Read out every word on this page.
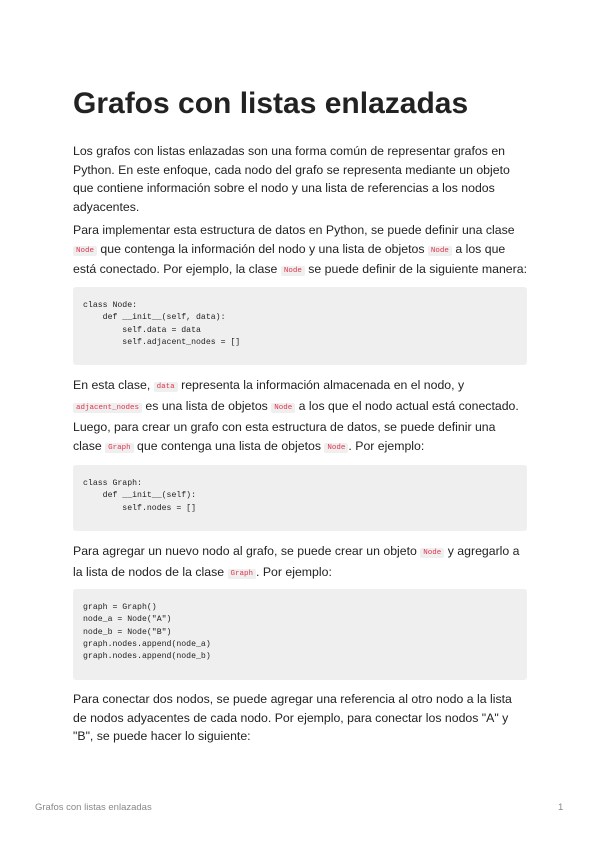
Grafos con listas enlazadas

Los grafos con listas enlazadas son una forma común de representar grafos en Python. En este enfoque, cada nodo del grafo se representa mediante un objeto que contiene información sobre el nodo y una lista de referencias a los nodos adyacentes.

Para implementar esta estructura de datos en Python, se puede definir una clase Node que contenga la información del nodo y una lista de objetos Node a los que está conectado. Por ejemplo, la clase Node se puede definir de la siguiente manera:

class Node:
def __init__(self, data):
self.data = data
self.adjacent_nodes = []

En esta clase, data representa la información almacenada en el nodo, y adjacent_nodes es una lista de objetos Node a los que el nodo actual está conectado.

Luego, para crear un grafo con esta estructura de datos, se puede definir una clase Graph que contenga una lista de objetos Node . Por ejemplo:

class Graph:
def __init__(self):
self.nodes = []

Para agregar un nuevo nodo al grafo, se puede crear un objeto Node y agregarlo a la lista de nodos de la clase Graph . Por ejemplo:

graph = Graph()
node_a = Node("A")
node_b = Node("B")
graph.nodes.append(node_a)
graph.nodes.append(node_b)

Para conectar dos nodos, se puede agregar una referencia al otro nodo a la lista de nodos adyacentes de cada nodo. Por ejemplo, para conectar los nodos "A" y "B", se puede hacer lo siguiente:

Grafos con listas enlazadas	1
